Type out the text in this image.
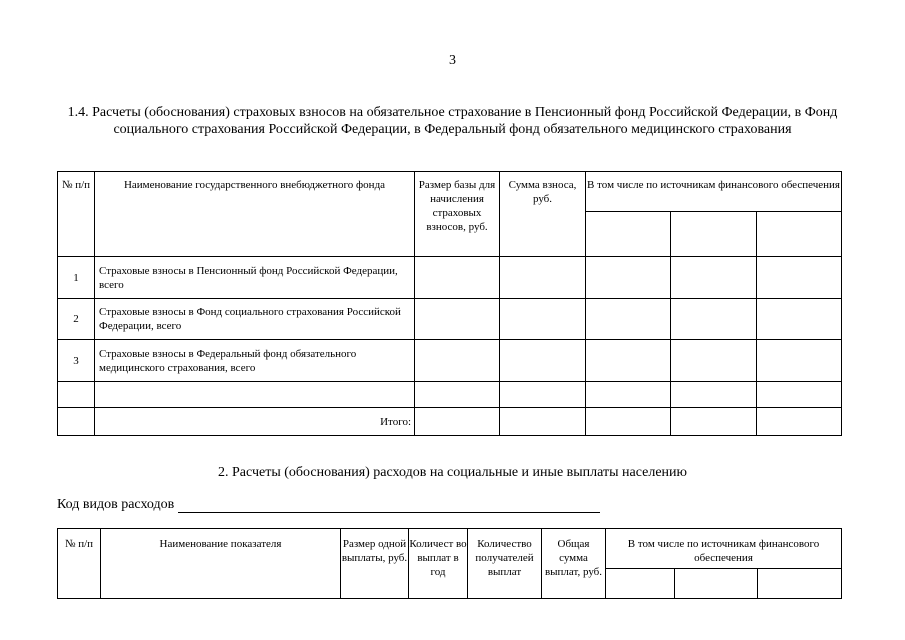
3
1.4. Расчеты (обоснования) страховых взносов на обязательное страхование в Пенсионный фонд Российской Федерации, в Фонд социального страхования Российской Федерации, в Федеральный фонд обязательного медицинского страхования
№ п/п	Наименование государственного внебюджетного фонда	Размер базы для начисления страховых взносов, руб.	Сумма взноса, руб.	В том числе по источникам финансового обеспечения		

1	Страховые взносы в Пенсионный фонд Российской Федерации, всего					
2	Страховые взносы в Фонд социального страхования Российской Федерации, всего					
3	Страховые взносы в Федеральный фонд обязательного медицинского страхования, всего					

	Итого:					
2. Расчеты (обоснования) расходов на социальные и иные выплаты населению
Код видов расходов
№ п/п	Наименование показателя	Размер одной выплаты, руб.	Количест во выплат в год	Количество получателей выплат	Общая сумма выплат, руб.	В том числе по источникам финансового обеспечения		
